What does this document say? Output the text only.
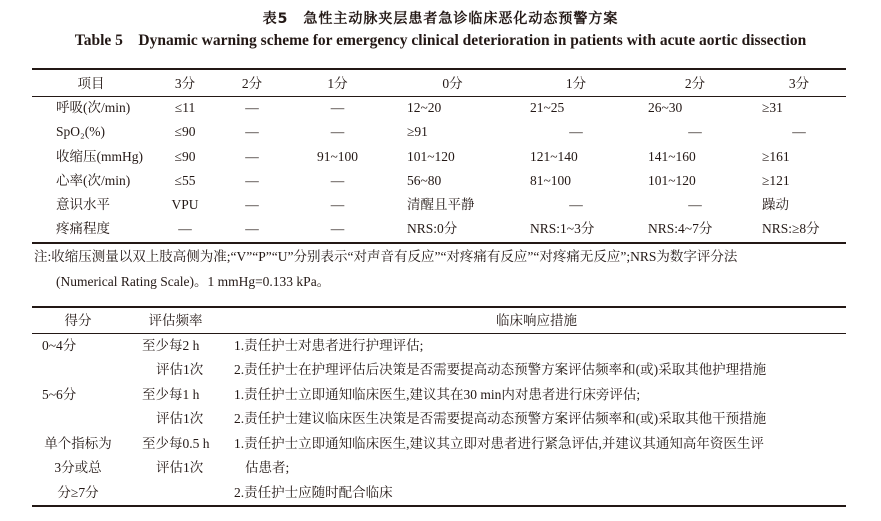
表5　急性主动脉夹层患者急诊临床恶化动态预警方案
Table 5 Dynamic warning scheme for emergency clinical deterioration in patients with acute aortic dissection
项目	3分	2分	1分	0分	1分	2分	3分
呼吸(次/min)	≤11	—	—	12~20	21~25	26~30	≥31
SpO₂(%)	≤90	—	—	≥91	—	—	—
收缩压(mmHg)	≤90	—	91~100	101~120	121~140	141~160	≥161
心率(次/min)	≤55	—	—	56~80	81~100	101~120	≥121
意识水平	VPU	—	—	清醒且平静	—	—	躁动
疼痛程度	—	—	—	NRS:0分	NRS:1~3分	NRS:4~7分	NRS:≥8分
注:收缩压测量以双上肢高侧为准;“V”“P”“U”分别表示“对声音有反应”“对疼痛有反应”“对疼痛无反应”;NRS为数字评分法
(Numerical Rating Scale)。1 mmHg=0.133 kPa。
得分	评估频率	临床响应措施
0~4分	至少每2 h	1.责任护士对患者进行护理评估;
	评估1次	2.责任护士在护理评估后决策是否需要提高动态预警方案评估频率和(或)采取其他护理措施
5~6分	至少每1 h	1.责任护士立即通知临床医生,建议其在30 min内对患者进行床旁评估;
	评估1次	2.责任护士建议临床医生决策是否需要提高动态预警方案评估频率和(或)采取其他干预措施
单个指标为	至少每0.5 h	1.责任护士立即通知临床医生,建议其立即对患者进行紧急评估,并建议其通知高年资医生评
3分或总	评估1次	估患者;
分≥7分		2.责任护士应随时配合临床
